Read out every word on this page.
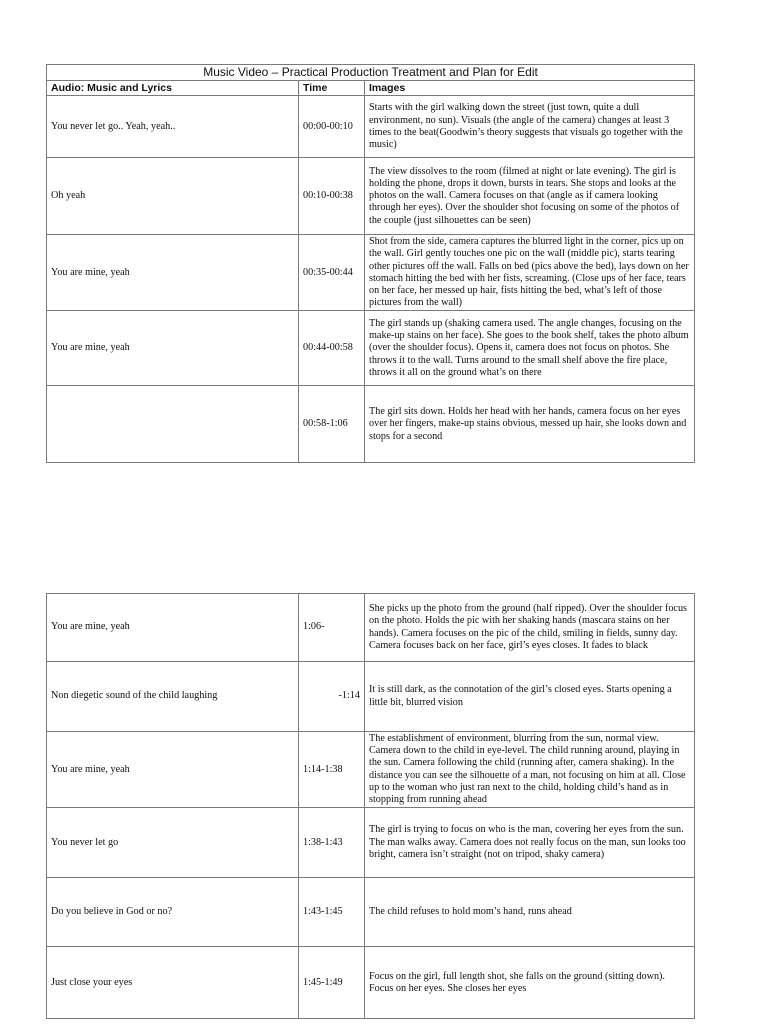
Music Video – Practical Production Treatment and Plan for Edit		
Audio: Music and Lyrics	Time	Images
You never let go.. Yeah, yeah..	00:00-00:10	Starts with the girl walking down the street (just town, quite a dull environment, no sun). Visuals (the angle of the camera) changes at least 3 times to the beat(Goodwin’s theory suggests that visuals go together with the music)
Oh yeah	00:10-00:38	The view dissolves to the room (filmed at night or late evening). The girl is holding the phone, drops it down, bursts in tears. She stops and looks at the photos on the wall. Camera focuses on that (angle as if camera looking through her eyes). Over the shoulder shot focusing on some of the photos of the couple (just silhouettes can be seen)
You are mine, yeah	00:35-00:44	Shot from the side, camera captures the blurred light in the corner, pics up on the wall. Girl gently touches one pic on the wall (middle pic), starts tearing other pictures off the wall. Falls on bed (pics above the bed), lays down on her stomach hitting the bed with her fists, screaming. (Close ups of her face, tears on her face, her messed up hair, fists hitting the bed, what’s left of those pictures from the wall)
You are mine, yeah	00:44-00:58	The girl stands up (shaking camera used. The angle changes, focusing on the make-up stains on her face). She goes to the book shelf, takes the photo album (over the shoulder focus). Opens it, camera does not focus on photos. She throws it to the wall. Turns around to the small shelf above the fire place, throws it all on the ground what’s on there
	00:58-1:06	The girl sits down. Holds her head with her hands, camera focus on her eyes over her fingers, make-up stains obvious, messed up hair, she looks down and stops for a second
You are mine, yeah	1:06-	She picks up the photo from the ground (half ripped). Over the shoulder focus on the photo. Holds the pic with her shaking hands (mascara stains on her hands). Camera focuses on the pic of the child, smiling in fields, sunny day. Camera focuses back on her face, girl’s eyes closes. It fades to black
Non diegetic sound of the child laughing	-1:14	It is still dark, as the connotation of the girl’s closed eyes. Starts opening a little bit, blurred vision
You are mine, yeah	1:14-1:38	The establishment of environment, blurring from the sun, normal view. Camera down to the child in eye-level. The child running around, playing in the sun. Camera following the child (running after, camera shaking). In the distance you can see the silhouette of a man, not focusing on him at all. Close up to the woman who just ran next to the child, holding child’s hand as in stopping from running ahead
You never let go	1:38-1:43	The girl is trying to focus on who is the man, covering her eyes from the sun. The man walks away. Camera does not really focus on the man, sun looks too bright, camera isn’t straight (not on tripod, shaky camera)
Do you believe in God or no?	1:43-1:45	The child refuses to hold mom’s hand, runs ahead
Just close your eyes	1:45-1:49	Focus on the girl, full length shot, she falls on the ground (sitting down). Focus on her eyes. She closes her eyes
